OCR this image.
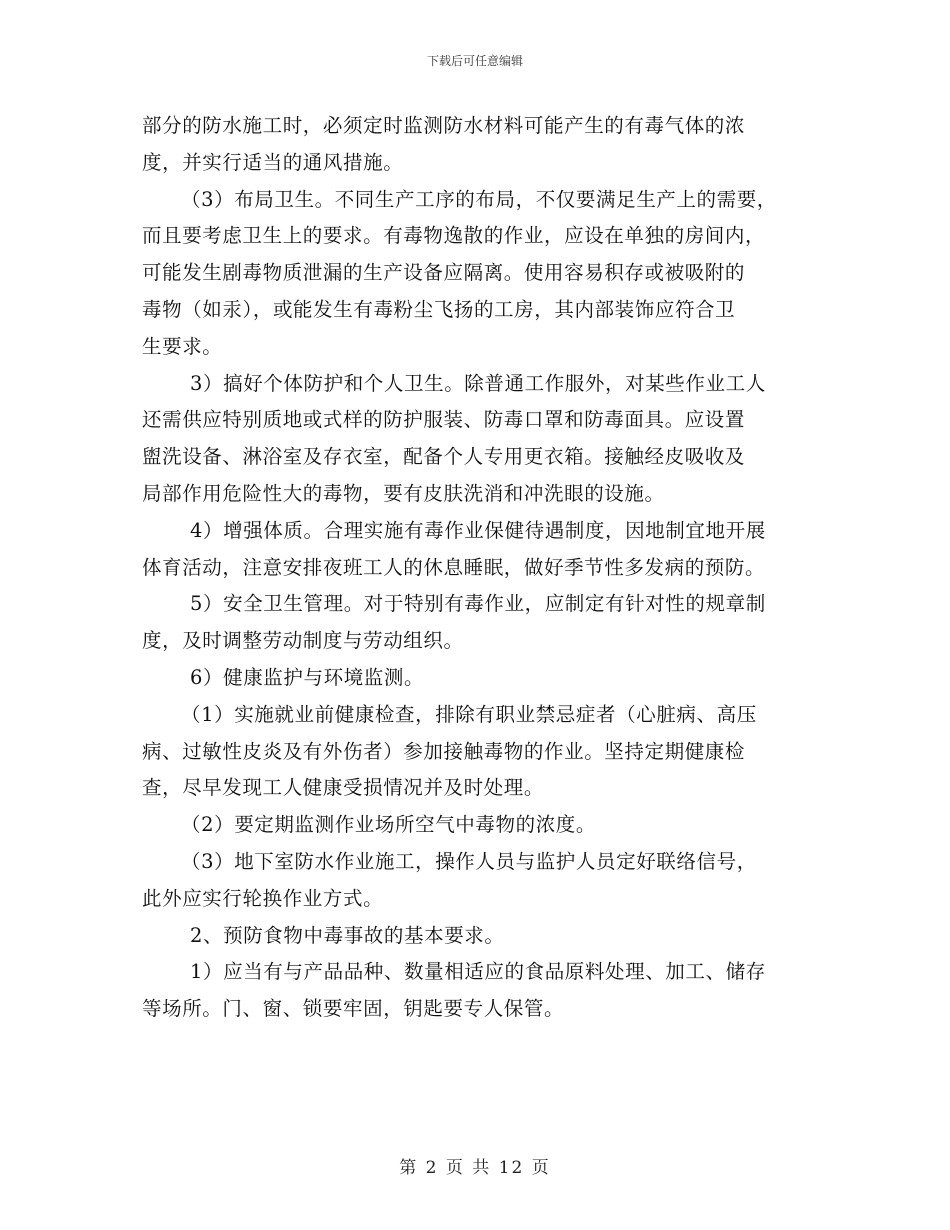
下载后可任意编辑
部分的防水施工时，必须定时监测防水材料可能产生的有毒气体的浓
度，并实行适当的通风措施。
（3）布局卫生。不同生产工序的布局，不仅要满足生产上的需要，
而且要考虑卫生上的要求。有毒物逸散的作业，应设在单独的房间内，
可能发生剧毒物质泄漏的生产设备应隔离。使用容易积存或被吸附的
毒物（如汞），或能发生有毒粉尘飞扬的工房，其内部装饰应符合卫
生要求。
3）搞好个体防护和个人卫生。除普通工作服外，对某些作业工人
还需供应特别质地或式样的防护服装、防毒口罩和防毒面具。应设置
盥洗设备、淋浴室及存衣室，配备个人专用更衣箱。接触经皮吸收及
局部作用危险性大的毒物，要有皮肤洗消和冲洗眼的设施。
4）增强体质。合理实施有毒作业保健待遇制度，因地制宜地开展
体育活动，注意安排夜班工人的休息睡眠，做好季节性多发病的预防。
5）安全卫生管理。对于特别有毒作业，应制定有针对性的规章制
度，及时调整劳动制度与劳动组织。
6）健康监护与环境监测。
（1）实施就业前健康检查，排除有职业禁忌症者（心脏病、高压
病、过敏性皮炎及有外伤者）参加接触毒物的作业。坚持定期健康检
查，尽早发现工人健康受损情况并及时处理。
（2）要定期监测作业场所空气中毒物的浓度。
（3）地下室防水作业施工，操作人员与监护人员定好联络信号，
此外应实行轮换作业方式。
2、预防食物中毒事故的基本要求。
1）应当有与产品品种、数量相适应的食品原料处理、加工、储存
等场所。门、窗、锁要牢固，钥匙要专人保管。
第 2 页 共 12 页
